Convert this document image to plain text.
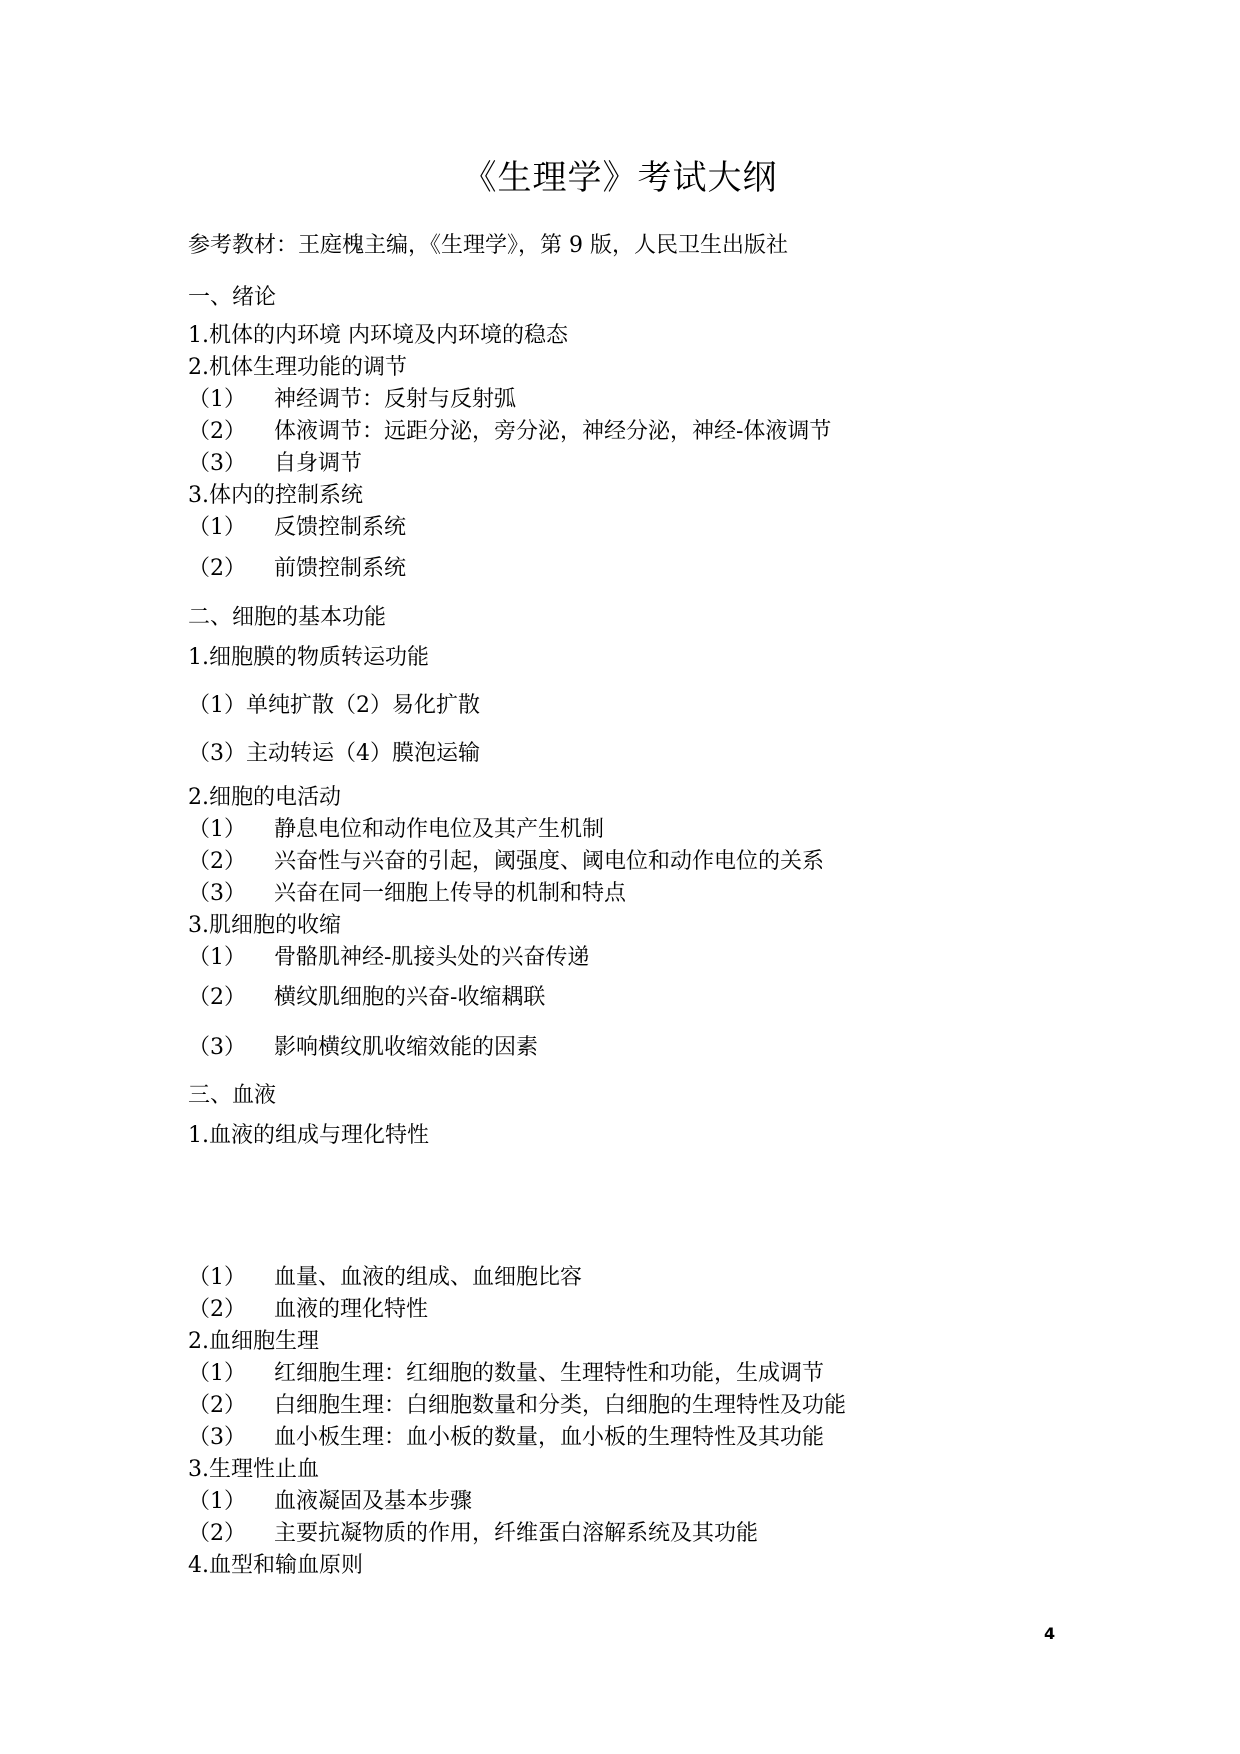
《生理学》考试大纲
参考教材：王庭槐主编，《生理学》，第 9 版，人民卫生出版社
一、绪论
1.机体的内环境 内环境及内环境的稳态
2.机体生理功能的调节
（1） 神经调节：反射与反射弧
（2） 体液调节：远距分泌，旁分泌，神经分泌，神经-体液调节
（3） 自身调节
3.体内的控制系统
（1） 反馈控制系统
（2） 前馈控制系统
二、细胞的基本功能
1.细胞膜的物质转运功能
（1）单纯扩散（2）易化扩散
（3）主动转运（4）膜泡运输
2.细胞的电活动
（1） 静息电位和动作电位及其产生机制
（2） 兴奋性与兴奋的引起，阈强度、阈电位和动作电位的关系
（3） 兴奋在同一细胞上传导的机制和特点
3.肌细胞的收缩
（1） 骨骼肌神经-肌接头处的兴奋传递
（2） 横纹肌细胞的兴奋-收缩耦联
（3） 影响横纹肌收缩效能的因素
三、血液
1.血液的组成与理化特性
（1） 血量、血液的组成、血细胞比容
（2） 血液的理化特性
2.血细胞生理
（1） 红细胞生理：红细胞的数量、生理特性和功能，生成调节
（2） 白细胞生理：白细胞数量和分类，白细胞的生理特性及功能
（3） 血小板生理：血小板的数量，血小板的生理特性及其功能
3.生理性止血
（1） 血液凝固及基本步骤
（2） 主要抗凝物质的作用，纤维蛋白溶解系统及其功能
4.血型和输血原则
4
